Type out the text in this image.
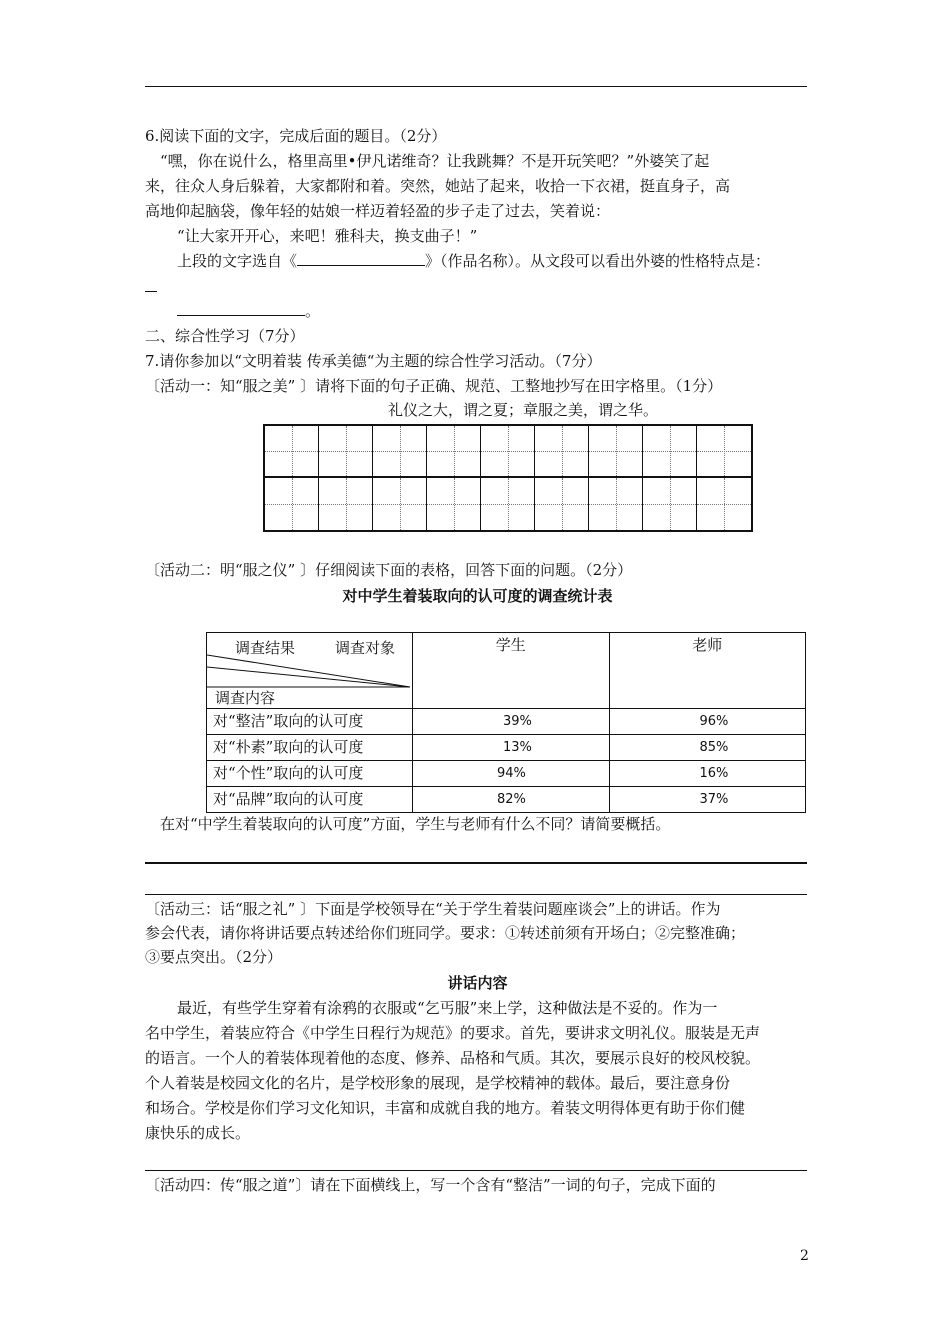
6.阅读下面的文字，完成后面的题目。（2分）
“嘿，你在说什么，格里高里•伊凡诺维奇？让我跳舞？不是开玩笑吧？”外婆笑了起
来，往众人身后躲着，大家都附和着。突然，她站了起来，收拾一下衣裙，挺直身子，高
高地仰起脑袋，像年轻的姑娘一样迈着轻盈的步子走了过去，笑着说：
“让大家开开心，来吧！雅科夫，换支曲子！”
上段的文字选自《	》（作品名称）。从文段可以看出外婆的性格特点是：
。
二、综合性学习（7分）
7.请你参加以“文明着装 传承美德“为主题的综合性学习活动。（7分）
〔活动一：知“服之美” 〕请将下面的句子正确、规范、工整地抄写在田字格里。（1分）
礼仪之大，谓之夏；章服之美，谓之华。
〔活动二：明“服之仪” 〕仔细阅读下面的表格，回答下面的问题。（2分）
对中学生着装取向的认可度的调查统计表
调查结果 调查对象
调查内容	学生	老师
对“整洁”取向的认可度	39%	96%
对“朴素”取向的认可度	13%	85%
对“个性”取向的认可度	94%	16%
对“品牌”取向的认可度	82%	37%
在对“中学生着装取向的认可度”方面，学生与老师有什么不同？请简要概括。
〔活动三：话“服之礼” 〕下面是学校领导在“关于学生着装问题座谈会”上的讲话。作为
参会代表，请你将讲话要点转述给你们班同学。要求：①转述前须有开场白；②完整准确；
③要点突出。（2分）
讲话内容
最近，有些学生穿着有涂鸦的衣服或“乞丐服”来上学，这种做法是不妥的。作为一
名中学生，着装应符合《中学生日程行为规范》的要求。首先，要讲求文明礼仪。服装是无声
的语言。一个人的着装体现着他的态度、修养、品格和气质。其次，要展示良好的校风校貌。
个人着装是校园文化的名片，是学校形象的展现，是学校精神的载体。最后，要注意身份
和场合。学校是你们学习文化知识，丰富和成就自我的地方。着装文明得体更有助于你们健
康快乐的成长。
〔活动四：传“服之道”〕请在下面横线上，写一个含有“整洁”一词的句子，完成下面的
2
